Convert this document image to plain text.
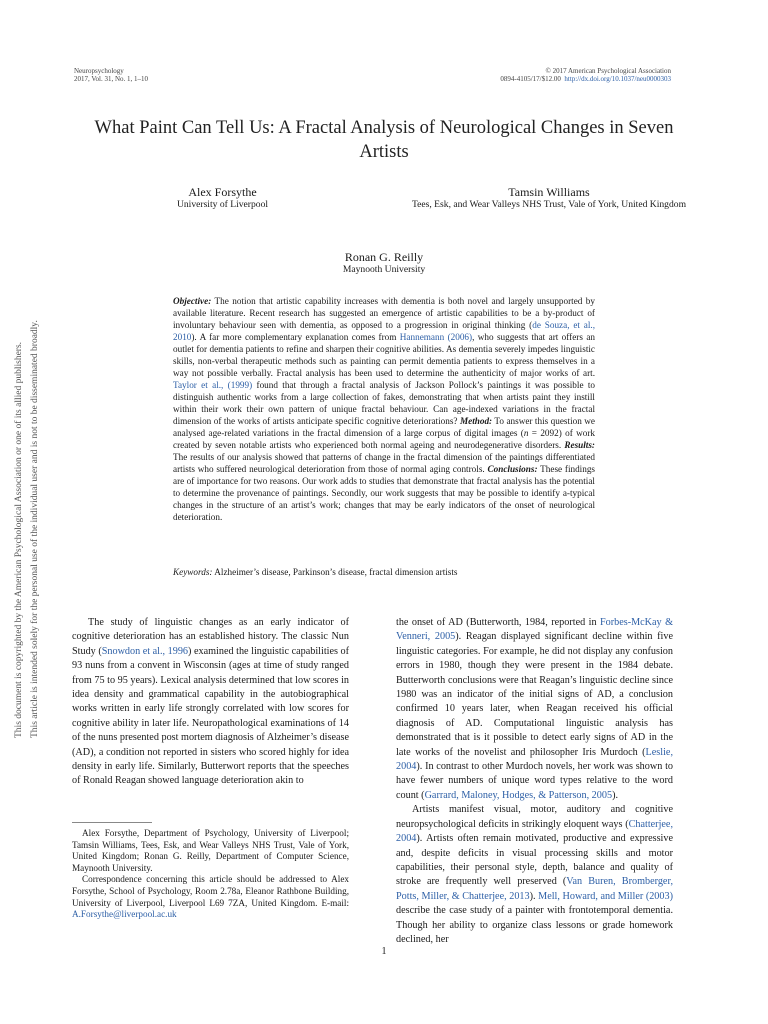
Neuropsychology
2017, Vol. 31, No. 1, 1–10
© 2017 American Psychological Association
0894-4105/17/$12.00 http://dx.doi.org/10.1037/neu0000303
This document is copyrighted by the American Psychological Association or one of its allied publishers. This article is intended solely for the personal use of the individual user and is not to be disseminated broadly.
What Paint Can Tell Us: A Fractal Analysis of Neurological Changes in Seven Artists
Alex Forsythe
University of Liverpool
Tamsin Williams
Tees, Esk, and Wear Valleys NHS Trust, Vale of York, United Kingdom
Ronan G. Reilly
Maynooth University
Objective: The notion that artistic capability increases with dementia is both novel and largely unsupported by available literature. Recent research has suggested an emergence of artistic capabilities to be a by-product of involuntary behaviour seen with dementia, as opposed to a progression in original thinking (de Souza, et al., 2010). A far more complementary explanation comes from Hannemann (2006), who suggests that art offers an outlet for dementia patients to refine and sharpen their cognitive abilities. As dementia severely impedes linguistic skills, non-verbal therapeutic methods such as painting can permit dementia patients to express themselves in a way not possible verbally. Fractal analysis has been used to determine the authenticity of major works of art. Taylor et al., (1999) found that through a fractal analysis of Jackson Pollock’s paintings it was possible to distinguish authentic works from a large collection of fakes, demonstrating that when artists paint they instill within their work their own pattern of unique fractal behaviour. Can age-indexed variations in the fractal dimension of the works of artists anticipate specific cognitive deteriorations? Method: To answer this question we analysed age-related variations in the fractal dimension of a large corpus of digital images (n = 2092) of work created by seven notable artists who experienced both normal ageing and neurodegenerative disorders. Results: The results of our analysis showed that patterns of change in the fractal dimension of the paintings differentiated artists who suffered neurological deterioration from those of normal aging controls. Conclusions: These findings are of importance for two reasons. Our work adds to studies that demonstrate that fractal analysis has the potential to determine the provenance of paintings. Secondly, our work suggests that may be possible to identify a-typical changes in the structure of an artist’s work; changes that may be early indicators of the onset of neurological deterioration.
Keywords: Alzheimer’s disease, Parkinson’s disease, fractal dimension artists

The study of linguistic changes as an early indicator of cognitive deterioration has an established history. The classic Nun Study (Snowdon et al., 1996) examined the linguistic capabilities of 93 nuns from a convent in Wisconsin (ages at time of study ranged from 75 to 95 years). Lexical analysis determined that low scores in idea density and grammatical capability in the autobiographical works written in early life strongly correlated with low scores for cognitive ability in later life. Neuropathological examinations of 14 of the nuns presented post mortem diagnosis of Alzheimer’s disease (AD), a condition not reported in sisters who scored highly for idea density in early life. Similarly, Butterwort reports that the speeches of Ronald Reagan showed language deterioration akin to

Alex Forsythe, Department of Psychology, University of Liverpool; Tamsin Williams, Tees, Esk, and Wear Valleys NHS Trust, Vale of York, United Kingdom; Ronan G. Reilly, Department of Computer Science, Maynooth University.

Correspondence concerning this article should be addressed to Alex Forsythe, School of Psychology, Room 2.78a, Eleanor Rathbone Building, University of Liverpool, Liverpool L69 7ZA, United Kingdom. E-mail: A.Forsythe@liverpool.ac.uk

the onset of AD (Butterworth, 1984, reported in Forbes-McKay & Venneri, 2005). Reagan displayed significant decline within five linguistic categories. For example, he did not display any confusion errors in 1980, though they were present in the 1984 debate. Butterworth conclusions were that Reagan’s linguistic decline since 1980 was an indicator of the initial signs of AD, a conclusion confirmed 10 years later, when Reagan received his official diagnosis of AD. Computational linguistic analysis has demonstrated that is it possible to detect early signs of AD in the late works of the novelist and philosopher Iris Murdoch (Leslie, 2004). In contrast to other Murdoch novels, her work was shown to have fewer numbers of unique word types relative to the word count (Garrard, Maloney, Hodges, & Patterson, 2005).

Artists manifest visual, motor, auditory and cognitive neuropsychological deficits in strikingly eloquent ways (Chatterjee, 2004). Artists often remain motivated, productive and expressive and, despite deficits in visual processing skills and motor capabilities, their personal style, depth, balance and quality of stroke are frequently well preserved (Van Buren, Bromberger, Potts, Miller, & Chatterjee, 2013). Mell, Howard, and Miller (2003) describe the case study of a painter with frontotemporal dementia. Though her ability to organize class lessons or grade homework declined, her

1
